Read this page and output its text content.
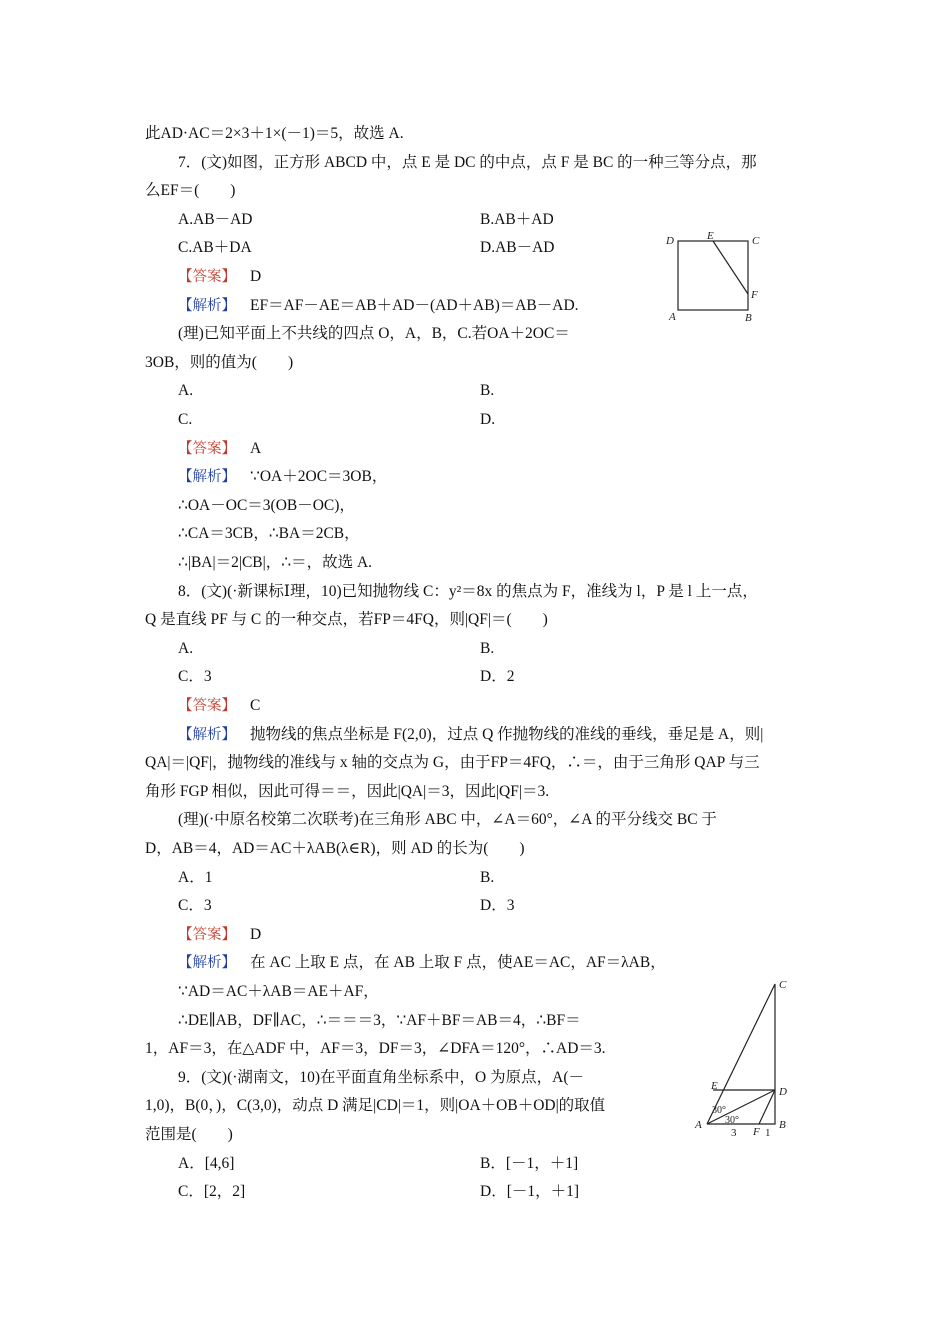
此AD·AC＝2×3＋1×(－1)＝5，故选 A.
7．(文)如图，正方形 ABCD 中，点 E 是 DC 的中点，点 F 是 BC 的一种三等分点，那
么EF＝(　　)
A.AB－AD	B.AB＋AD
C.AB＋DA	D.AB－AD
【答案】 D
【解析】 EF＝AF－AE＝AB＋AD－(AD＋AB)＝AB－AD.
(理)已知平面上不共线的四点 O，A，B，C.若OA＋2OC＝
3OB，则的值为(　　)
A.	B.
C.	D.
【答案】 A
【解析】 ∵OA＋2OC＝3OB，
∴OA－OC＝3(OB－OC)，
∴CA＝3CB，∴BA＝2CB，
∴|BA|＝2|CB|，∴＝，故选 A.
8．(文)(·新课标Ⅰ理，10)已知抛物线 C：y²＝8x 的焦点为 F，准线为 l，P 是 l 上一点，
Q 是直线 PF 与 C 的一种交点，若FP＝4FQ，则|QF|＝(　　)
A.	B.
C．3	D．2
【答案】 C
【解析】 抛物线的焦点坐标是 F(2,0)，过点 Q 作抛物线的准线的垂线，垂足是 A，则|
QA|＝|QF|，抛物线的准线与 x 轴的交点为 G，由于FP＝4FQ，∴＝，由于三角形 QAP 与三
角形 FGP 相似，因此可得＝＝，因此|QA|＝3，因此|QF|＝3.
(理)(·中原名校第二次联考)在三角形 ABC 中，∠A＝60°，∠A 的平分线交 BC 于
D，AB＝4，AD＝AC＋λAB(λ∈R)，则 AD 的长为(　　)
A．1	B.
C．3	D．3
【答案】 D
【解析】 在 AC 上取 E 点，在 AB 上取 F 点，使AE＝AC，AF＝λAB，
∵AD＝AC＋λAB＝AE＋AF，
∴DE∥AB，DF∥AC，∴＝＝＝3，∵AF＋BF＝AB＝4，∴BF＝
1，AF＝3，在△ADF 中，AF＝3，DF＝3，∠DFA＝120°，∴AD＝3.
9．(文)(·湖南文，10)在平面直角坐标系中，O 为原点，A(－
1,0)，B(0，)，C(3,0)，动点 D 满足|CD|＝1，则|OA＋OB＋OD|的取值
范围是(　　)
A．[4,6]	B．[－1，＋1]
C．[2，2]	D．[－1，＋1]
D	E	C
F
A	B
C
E	D
A
F
B
30°
30°
3	1
